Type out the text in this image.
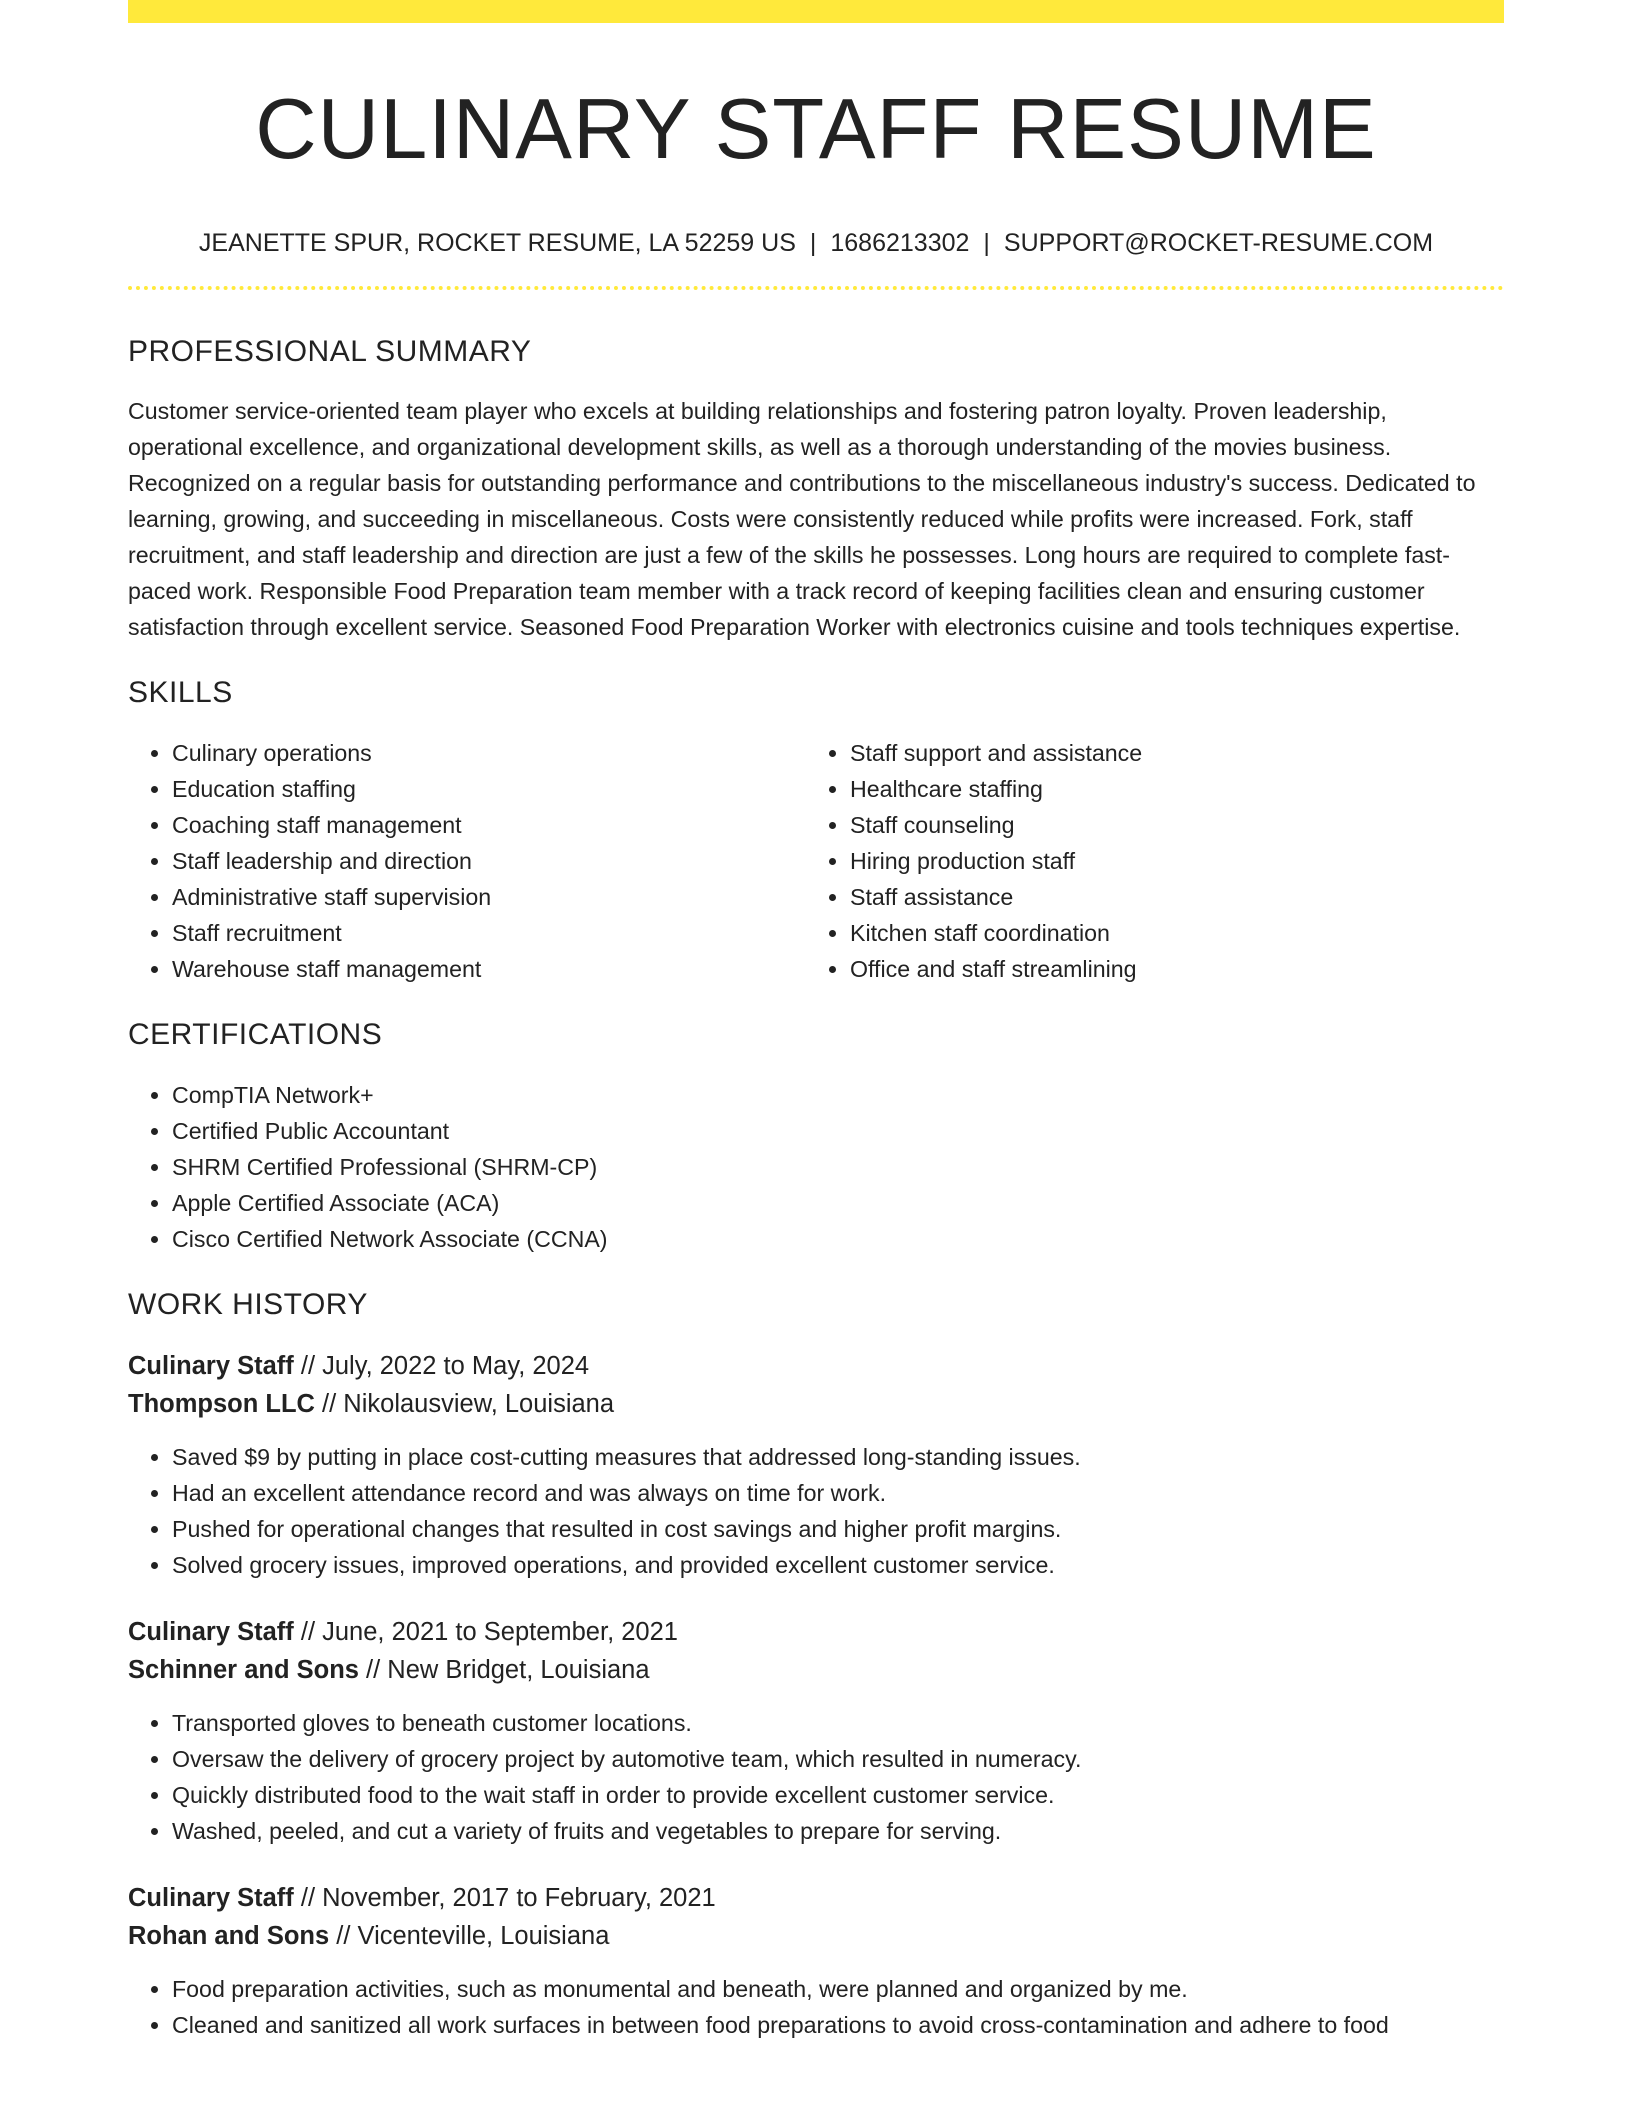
CULINARY STAFF RESUME
JEANETTE SPUR, ROCKET RESUME, LA 52259 US | 1686213302 | SUPPORT@ROCKET-RESUME.COM
PROFESSIONAL SUMMARY

Customer service-oriented team player who excels at building relationships and fostering patron loyalty. Proven leadership, operational excellence, and organizational development skills, as well as a thorough understanding of the movies business. Recognized on a regular basis for outstanding performance and contributions to the miscellaneous industry's success. Dedicated to learning, growing, and succeeding in miscellaneous. Costs were consistently reduced while profits were increased. Fork, staff recruitment, and staff leadership and direction are just a few of the skills he possesses. Long hours are required to complete fast-paced work. Responsible Food Preparation team member with a track record of keeping facilities clean and ensuring customer satisfaction through excellent service. Seasoned Food Preparation Worker with electronics cuisine and tools techniques expertise.

SKILLS
• Culinary operations
• Education staffing
• Coaching staff management
• Staff leadership and direction
• Administrative staff supervision
• Staff recruitment
• Warehouse staff management
• Staff support and assistance
• Healthcare staffing
• Staff counseling
• Hiring production staff
• Staff assistance
• Kitchen staff coordination
• Office and staff streamlining
CERTIFICATIONS
• CompTIA Network+
• Certified Public Accountant
• SHRM Certified Professional (SHRM-CP)
• Apple Certified Associate (ACA)
• Cisco Certified Network Associate (CCNA)
WORK HISTORY
Culinary Staff // July, 2022 to May, 2024
Thompson LLC // Nikolausview, Louisiana
• Saved $9 by putting in place cost-cutting measures that addressed long-standing issues.
• Had an excellent attendance record and was always on time for work.
• Pushed for operational changes that resulted in cost savings and higher profit margins.
• Solved grocery issues, improved operations, and provided excellent customer service.
Culinary Staff // June, 2021 to September, 2021
Schinner and Sons // New Bridget, Louisiana
• Transported gloves to beneath customer locations.
• Oversaw the delivery of grocery project by automotive team, which resulted in numeracy.
• Quickly distributed food to the wait staff in order to provide excellent customer service.
• Washed, peeled, and cut a variety of fruits and vegetables to prepare for serving.
Culinary Staff // November, 2017 to February, 2021
Rohan and Sons // Vicenteville, Louisiana
• Food preparation activities, such as monumental and beneath, were planned and organized by me.
• Cleaned and sanitized all work surfaces in between food preparations to avoid cross-contamination and adhere to food
